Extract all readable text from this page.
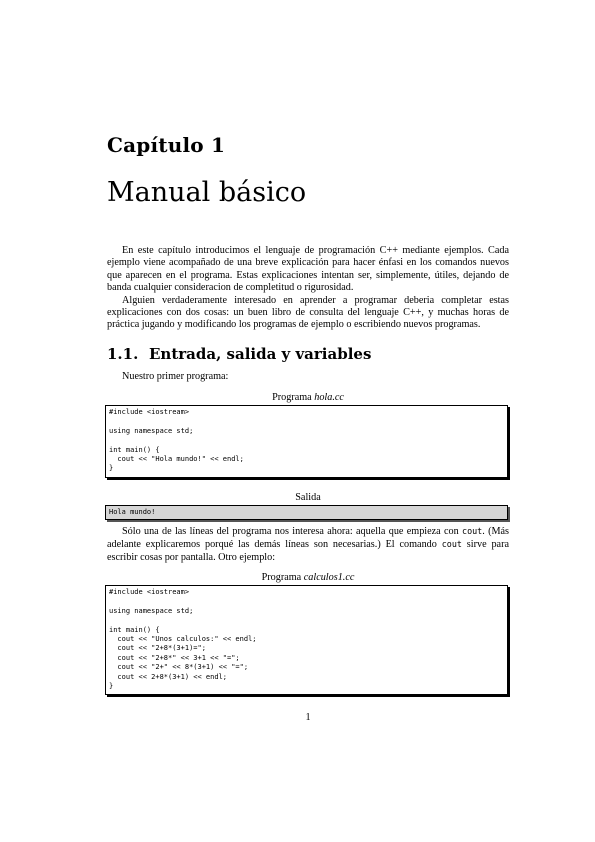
Capítulo 1
Manual básico

En este capítulo introducimos el lenguaje de programación C++ mediante ejemplos. Cada ejemplo viene acompañado de una breve explicación para hacer énfasi en los comandos nuevos que aparecen en el programa. Estas explicaciones intentan ser, simplemente, útiles, dejando de banda cualquier consideracion de completitud o rigurosidad.

Alguien verdaderamente interesado en aprender a programar deberia completar estas explicaciones con dos cosas: un buen libro de consulta del lenguaje C++, y muchas horas de práctica jugando y modificando los programas de ejemplo o escribiendo nuevos programas.

1.1. Entrada, salida y variables

Nuestro primer programa:

Programa hola.cc
#include <iostream>

using namespace std;

int main() {
cout << "Hola mundo!" << endl;
}
Salida
Hola mundo!

Sólo una de las líneas del programa nos interesa ahora: aquella que empieza con cout. (Más adelante explicaremos porqué las demás líneas son necesarias.) El comando cout sirve para escribir cosas por pantalla. Otro ejemplo:

Programa calculos1.cc
#include <iostream>

using namespace std;

int main() {
cout << "Unos calculos:" << endl;
cout << "2+8*(3+1)=";
cout << "2+8*" << 3+1 << "=";
cout << "2+" << 8*(3+1) << "=";
cout << 2+8*(3+1) << endl;
}
1
